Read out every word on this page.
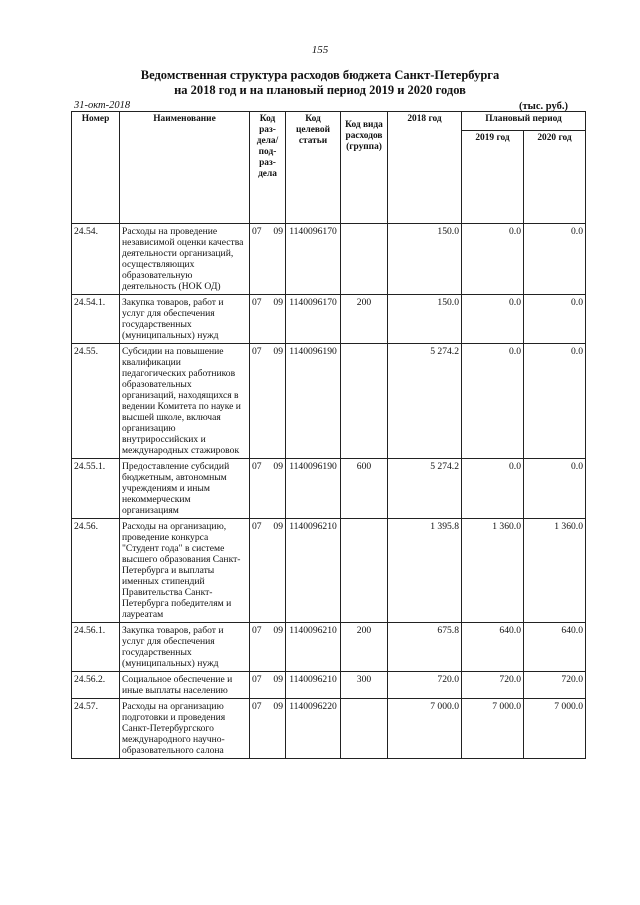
155
Ведомственная структура расходов бюджета Санкт-Петербурга
на 2018 год и на плановый период 2019 и 2020 годов
31-окт-2018	(тыс. руб.)
Номер	Наименование	Код раз-дела/ под-раз-дела	Код целевой статьи	Код вида расходов (группа)	2018 год	Плановый период	
						2019 год	2020 год
24.54.	Расходы на проведение независимой оценки качества деятельности организаций, осуществляющих образовательную деятельность (НОК ОД)	07 09	1140096170		150.0	0.0	0.0
24.54.1.	Закупка товаров, работ и услуг для обеспечения государственных (муниципальных) нужд	07 09	1140096170	200	150.0	0.0	0.0
24.55.	Субсидии на повышение квалификации педагогических работников образовательных организаций, находящихся в ведении Комитета по науке и высшей школе, включая организацию внутрироссийских и международных стажировок	07 09	1140096190		5 274.2	0.0	0.0
24.55.1.	Предоставление субсидий бюджетным, автономным учреждениям и иным некоммерческим организациям	07 09	1140096190	600	5 274.2	0.0	0.0
24.56.	Расходы на организацию, проведение конкурса "Студент года" в системе высшего образования Санкт-Петербурга и выплаты именных стипендий Правительства Санкт-Петербурга победителям и лауреатам	07 09	1140096210		1 395.8	1 360.0	1 360.0
24.56.1.	Закупка товаров, работ и услуг для обеспечения государственных (муниципальных) нужд	07 09	1140096210	200	675.8	640.0	640.0
24.56.2.	Социальное обеспечение и иные выплаты населению	07 09	1140096210	300	720.0	720.0	720.0
24.57.	Расходы на организацию подготовки и проведения Санкт-Петербургского международного научно-образовательного салона	07 09	1140096220		7 000.0	7 000.0	7 000.0
